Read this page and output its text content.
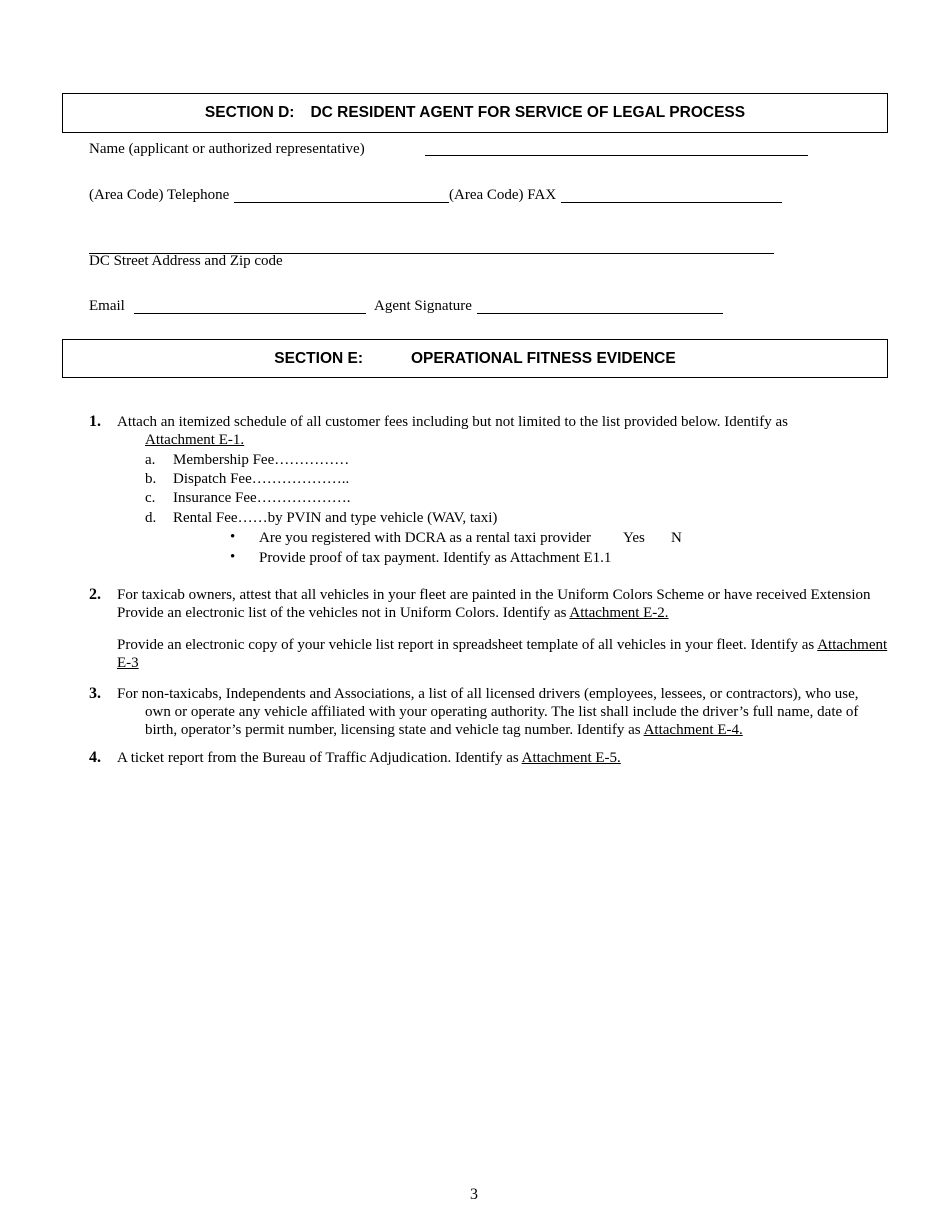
SECTION D: DC RESIDENT AGENT FOR SERVICE OF LEGAL PROCESS
Name (applicant or authorized representative)
(Area Code) Telephone	(Area Code) FAX
DC Street Address and Zip code
Email	Agent Signature
SECTION E:	OPERATIONAL FITNESS EVIDENCE
1. Attach an itemized schedule of all customer fees including but not limited to the list provided below. Identify as
Attachment E-1.
a. Membership Fee……………
b. Dispatch Fee………………..
c. Insurance Fee……………….
d. Rental Fee……by PVIN and type vehicle (WAV, taxi)
• Are you registered with DCRA as a rental taxi provider Yes N
• Provide proof of tax payment. Identify as Attachment E1.1
2. For taxicab owners, attest that all vehicles in your fleet are painted in the Uniform Colors Scheme or have received Extension
Provide an electronic list of the vehicles not in Uniform Colors. Identify as Attachment E-2.
Provide an electronic copy of your vehicle list report in spreadsheet template of all vehicles in your fleet. Identify as Attachment
E-3
3. For non-taxicabs, Independents and Associations, a list of all licensed drivers (employees, lessees, or contractors), who use,
own or operate any vehicle affiliated with your operating authority. The list shall include the driver’s full name, date of
birth, operator’s permit number, licensing state and vehicle tag number. Identify as Attachment E-4.
4. A ticket report from the Bureau of Traffic Adjudication. Identify as Attachment E-5.
3
